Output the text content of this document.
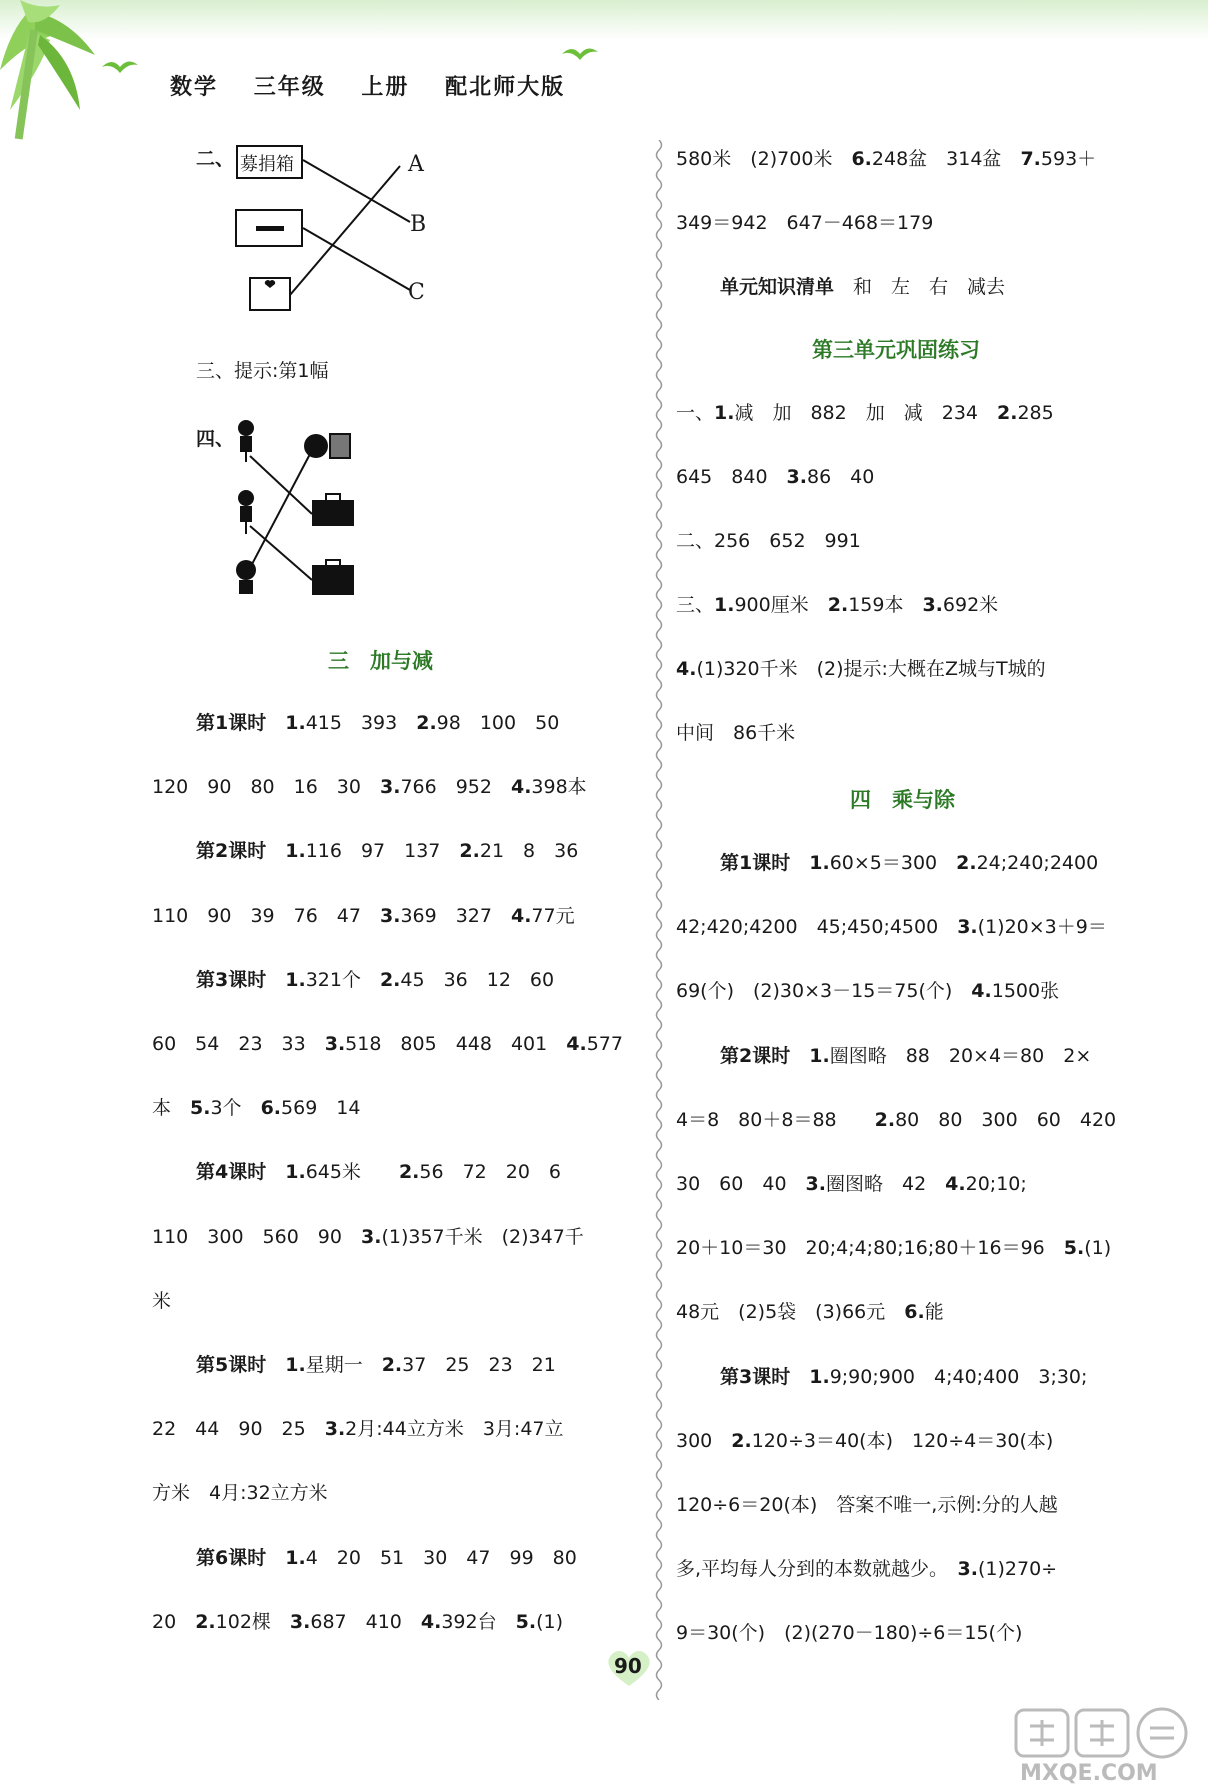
数学 三年级 上册 配北师大版
二、 募捐箱	A
B
C
三、提示:第1幅
四、
三　加与减
单元知识清单　和　左　右　减去
第三单元巩固练习
四　乘与除
90
MXQE.COM
第1课时　1.415　393　2.98　100　50
120　90　80　16　30　3.766　952　4.398本
第2课时　1.116　97　137　2.21　8　36
110　90　39　76　47　3.369　327　4.77元
第3课时　1.321个　2.45　36　12　60
60　54　23　33　3.518　805　448　401　4.577
本　5.3个　6.569　14
第4课时　1.645米　　2.56　72　20　6
110　300　560　90　3.(1)357千米　(2)347千
米
第5课时　1.星期一　2.37　25　23　21
22　44　90　25　3.2月:44立方米　3月:47立
方米　4月:32立方米
第6课时　1.4　20　51　30　47　99　80
20　2.102棵　3.687　410　4.392台　5.(1)
580米　(2)700米　6.248盆　314盆　7.593＋
349＝942　647－468＝179
一、1.减　加　882　加　减　234　2.285
645　840　3.86　40
二、256　652　991
三、1.900厘米　2.159本　3.692米
4.(1)320千米　(2)提示:大概在Z城与T城的
中间　86千米
第1课时　1.60×5＝300　2.24;240;2400
42;420;4200　45;450;4500　3.(1)20×3＋9＝
69(个)　(2)30×3－15＝75(个)　4.1500张
第2课时　1.圈图略　88　20×4＝80　2×
4＝8　80＋8＝88　　2.80　80　300　60　420
30　60　40　3.圈图略　42　4.20;10;
20＋10＝30　20;4;4;80;16;80＋16＝96　5.(1)
48元　(2)5袋　(3)66元　6.能
第3课时　1.9;90;900　4;40;400　3;30;
300　2.120÷3＝40(本)　120÷4＝30(本)
120÷6＝20(本)　答案不唯一,示例:分的人越
多,平均每人分到的本数就越少。　3.(1)270÷
9＝30(个)　(2)(270－180)÷6＝15(个)
